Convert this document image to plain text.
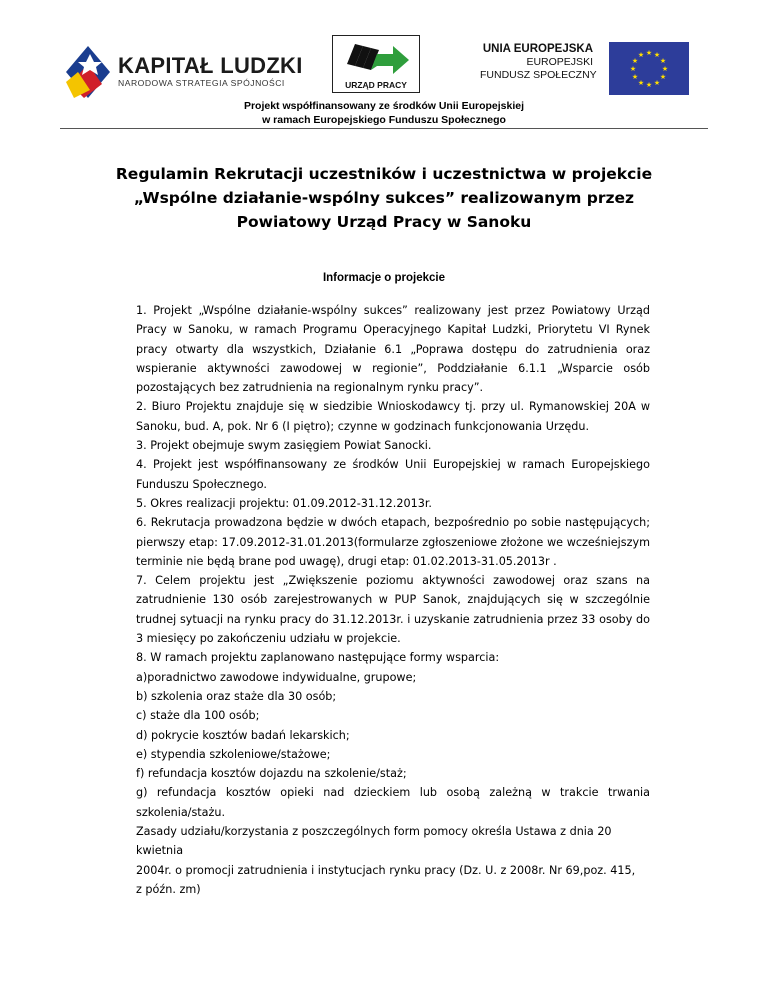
KAPITAŁ LUDZKI
NARODOWA STRATEGIA SPÓJNOŚCI	URZĄD PRACY
UNIA EUROPEJSKA
EUROPEJSKI
FUNDUSZ SPOŁECZNY
★ ★
★
★
★
★
★
★
★
★
★
★
Projekt współfinansowany ze środków Unii Europejskiej
w ramach Europejskiego Funduszu Społecznego
Regulamin Rekrutacji uczestników i uczestnictwa w projekcie
„Wspólne działanie-wspólny sukces” realizowanym przez
Powiatowy Urząd Pracy w Sanoku
Informacje o projekcie

1. Projekt „Wspólne działanie-wspólny sukces” realizowany jest przez Powiatowy Urząd Pracy w Sanoku, w ramach Programu Operacyjnego Kapitał Ludzki, Priorytetu VI Rynek pracy otwarty dla wszystkich, Działanie 6.1 „Poprawa dostępu do zatrudnienia oraz wspieranie aktywności zawodowej w regionie”, Poddziałanie 6.1.1 „Wsparcie osób pozostających bez zatrudnienia na regionalnym rynku pracy”.

2. Biuro Projektu znajduje się w siedzibie Wnioskodawcy tj. przy ul. Rymanowskiej 20A w Sanoku, bud. A, pok. Nr 6 (I piętro); czynne w godzinach funkcjonowania Urzędu.

3. Projekt obejmuje swym zasięgiem Powiat Sanocki.

4. Projekt jest współfinansowany ze środków Unii Europejskiej w ramach Europejskiego Funduszu Społecznego.

5. Okres realizacji projektu: 01.09.2012-31.12.2013r.

6. Rekrutacja prowadzona będzie w dwóch etapach, bezpośrednio po sobie następujących; pierwszy etap: 17.09.2012-31.01.2013(formularze zgłoszeniowe złożone we wcześniejszym terminie nie będą brane pod uwagę), drugi etap: 01.02.2013-31.05.2013r .

7. Celem projektu jest „Zwiększenie poziomu aktywności zawodowej oraz szans na zatrudnienie 130 osób zarejestrowanych w PUP Sanok, znajdujących się w szczególnie trudnej sytuacji na rynku pracy do 31.12.2013r. i uzyskanie zatrudnienia przez 33 osoby do 3 miesięcy po zakończeniu udziału w projekcie.

8. W ramach projektu zaplanowano następujące formy wsparcia:

a)poradnictwo zawodowe indywidualne, grupowe;

b) szkolenia oraz staże dla 30 osób;

c) staże dla 100 osób;

d) pokrycie kosztów badań lekarskich;

e) stypendia szkoleniowe/stażowe;

f) refundacja kosztów dojazdu na szkolenie/staż;

g) refundacja kosztów opieki nad dzieckiem lub osobą zależną w trakcie trwania szkolenia/stażu.

Zasady udziału/korzystania z poszczególnych form pomocy określa Ustawa z dnia 20 kwietnia

2004r. o promocji zatrudnienia i instytucjach rynku pracy (Dz. U. z 2008r. Nr 69,poz. 415,

z późn. zm)
